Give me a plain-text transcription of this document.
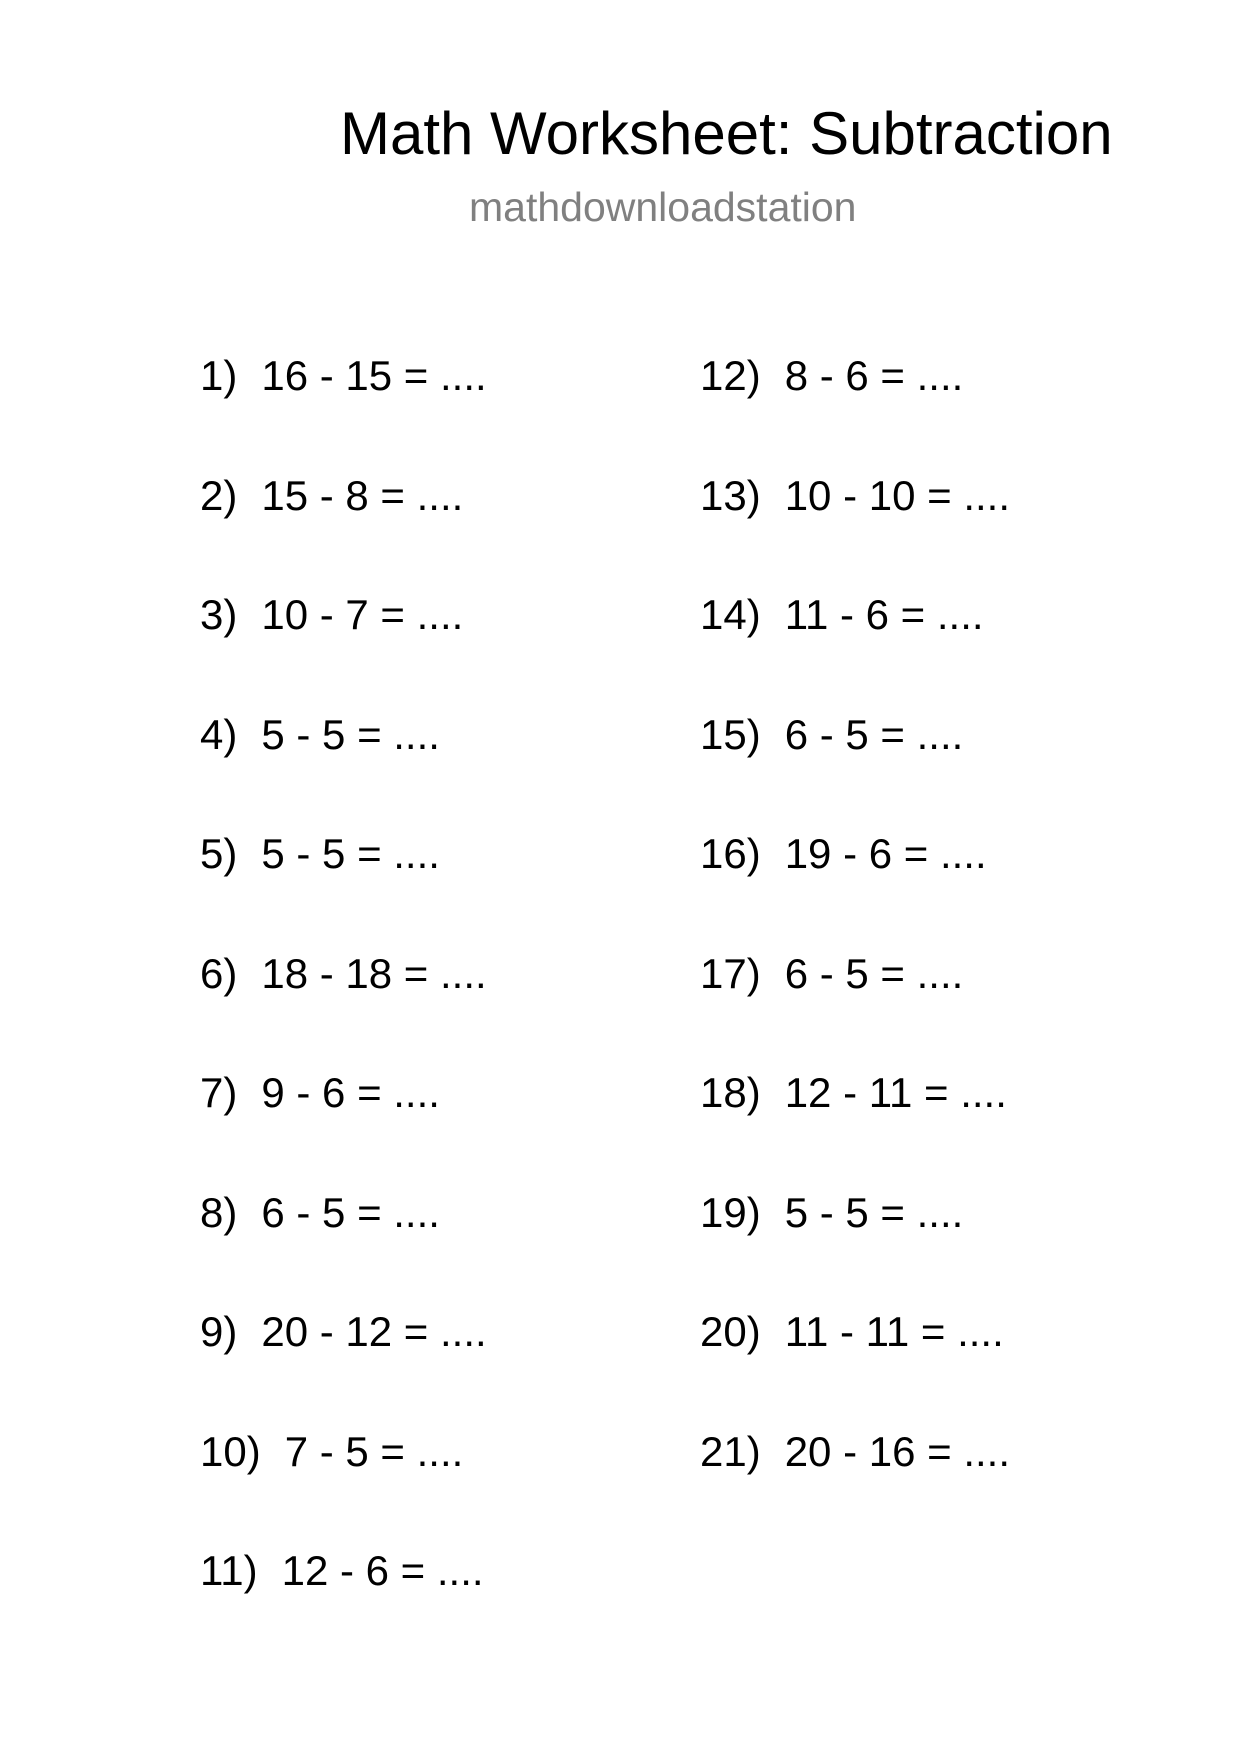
Math Worksheet: Subtraction
mathdownloadstation
1) 16 - 15 = ....
2) 15 - 8 = ....
3) 10 - 7 = ....
4) 5 - 5 = ....
5) 5 - 5 = ....
6) 18 - 18 = ....
7) 9 - 6 = ....
8) 6 - 5 = ....
9) 20 - 12 = ....
10) 7 - 5 = ....
11) 12 - 6 = ....
12) 8 - 6 = ....
13) 10 - 10 = ....
14) 11 - 6 = ....
15) 6 - 5 = ....
16) 19 - 6 = ....
17) 6 - 5 = ....
18) 12 - 11 = ....
19) 5 - 5 = ....
20) 11 - 11 = ....
21) 20 - 16 = ....
